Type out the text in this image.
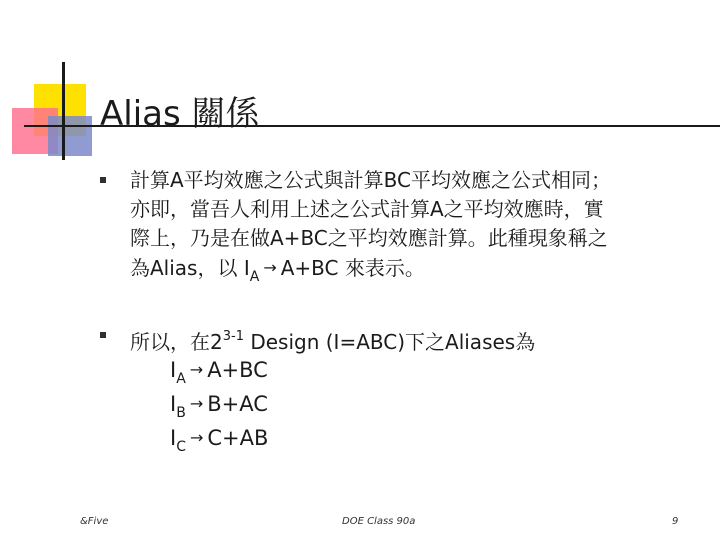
Alias 關係
計算A平均效應之公式與計算BC平均效應之公式相同；
亦即，當吾人利用上述之公式計算A之平均效應時，實
際上，乃是在做A+BC之平均效應計算。此種現象稱之
為Alias，以 $I_A \to A+BC$ 來表示。
所以，在2$^{3-1}$ Design (I=ABC)下之Aliases為
$I_A \to A+BC$
$I_B \to B+AC$
$I_C \to C+AB$
&Five	DOE Class 90a	9
